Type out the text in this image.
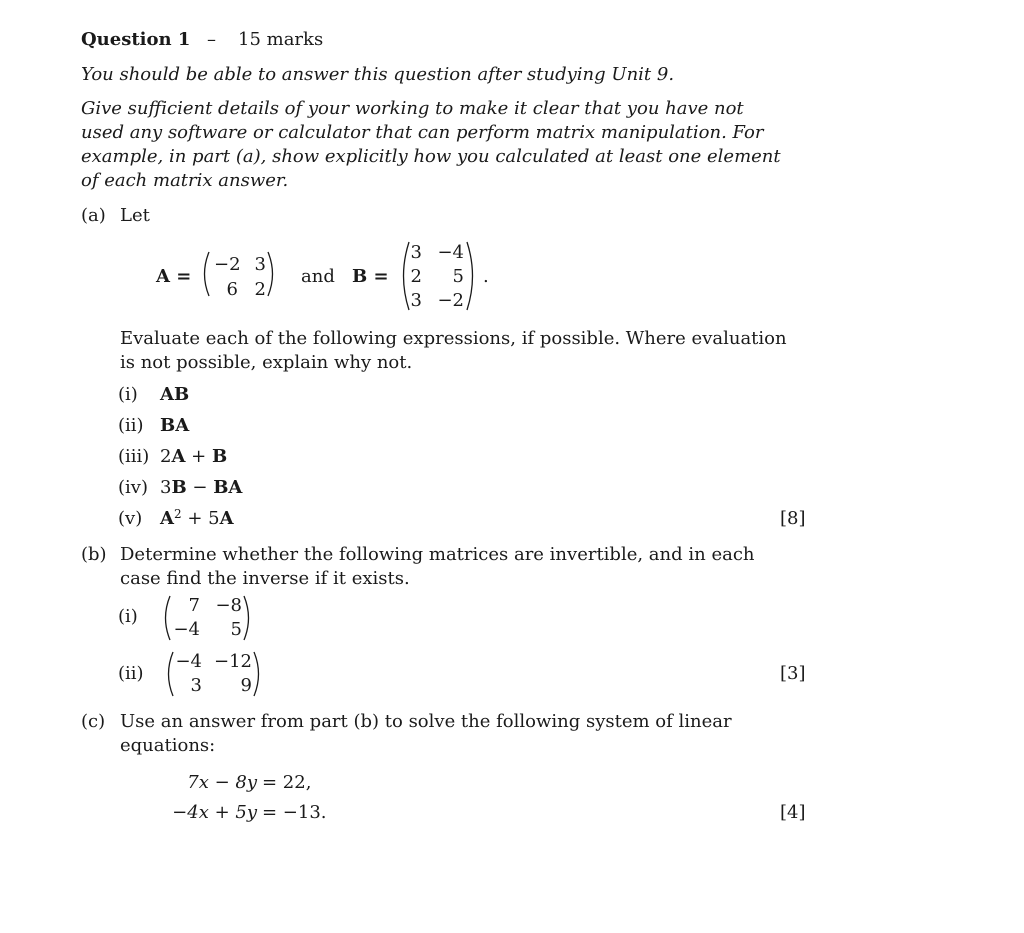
Question 1 – 15 marks
You should be able to answer this question after studying Unit 9.
Give sufficient details of your working to make it clear that you have not
used any software or calculator that can perform matrix manipulation. For
example, in part (a), show explicitly how you calculated at least one element
of each matrix answer.
(a) Let
A =
−2 3
6 2
and B =
3 −4
2	5
3 −2
.
Evaluate each of the following expressions, if possible. Where evaluation
is not possible, explain why not.
(i) AB
(ii) BA
(iii) 2A + B
(iv) 3B − BA
(v) $A^2 + 5A$	[8]
(b) Determine whether the following matrices are invertible, and in each
case find the inverse if it exists.
(i)
7 −8
−4	5
(ii)
−4 −12
3	9
[3]
(c) Use an answer from part (b) to solve the following system of linear
equations:
7x − 8y = 22,
−4x + 5y = −13.	[4]
